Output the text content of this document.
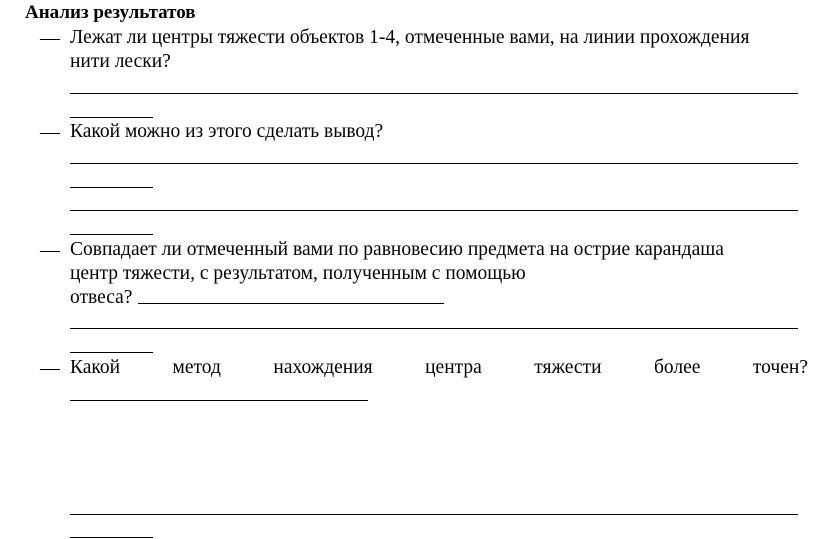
Анализ результатов
— Лежат ли центры тяжести объектов 1-4, отмеченные вами, на линии прохождения
нити лески?
— Какой можно из этого сделать вывод?
— Совпадает ли отмеченный вами по равновесию предмета на острие карандаша
центр тяжести, с результатом, полученным с помощью
отвеса?
— Какой	метод	нахождения	центра	тяжести	более	точен?
